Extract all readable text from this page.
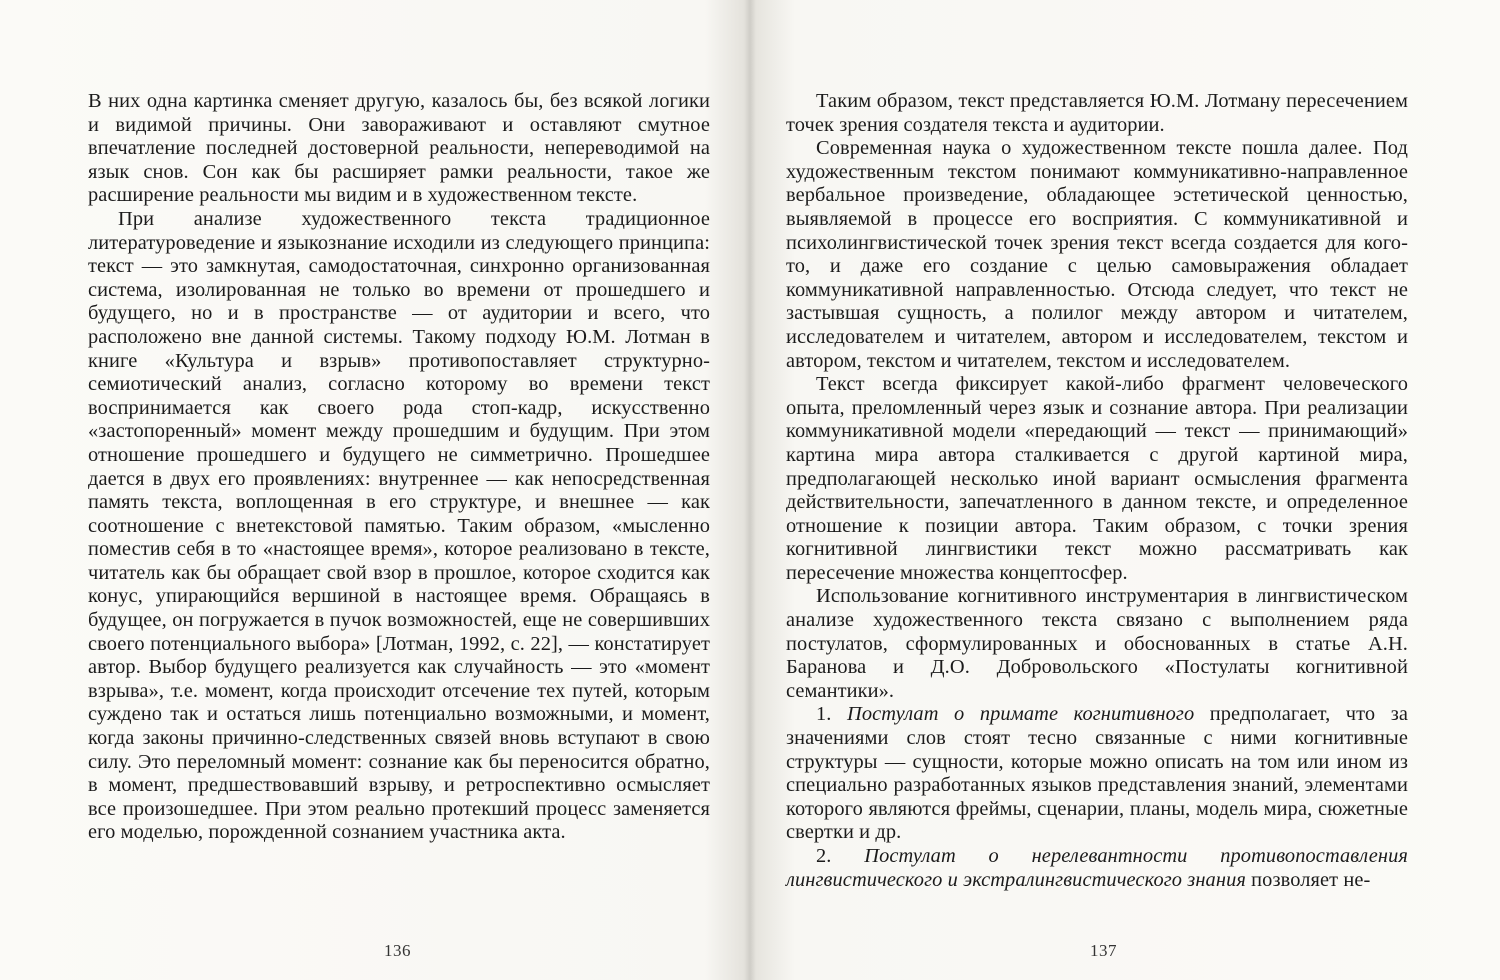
В них одна картинка сменяет другую, казалось бы, без всякой логики и видимой причины. Они завораживают и оставляют смутное впечатление последней достоверной реальности, непереводимой на язык снов. Сон как бы расширяет рамки реальности, такое же расширение реальности мы видим и в художественном тексте.

При анализе художественного текста традиционное литературоведение и языкознание исходили из следующего принципа: текст — это замкнутая, самодостаточная, синхронно организованная система, изолированная не только во времени от прошедшего и будущего, но и в пространстве — от аудитории и всего, что расположено вне данной системы. Такому подходу Ю.М. Лотман в книге «Культура и взрыв» противопоставляет структурно-семиотический анализ, согласно которому во времени текст воспринимается как своего рода стоп-кадр, искусственно «застопоренный» момент между прошедшим и будущим. При этом отношение прошедшего и будущего не симметрично. Прошедшее дается в двух его проявлениях: внутреннее — как непосредственная память текста, воплощенная в его структуре, и внешнее — как соотношение с внетекстовой памятью. Таким образом, «мысленно поместив себя в то «настоящее время», которое реализовано в тексте, читатель как бы обращает свой взор в прошлое, которое сходится как конус, упирающийся вершиной в настоящее время. Обращаясь в будущее, он погружается в пучок возможностей, еще не совершивших своего потенциального выбора» [Лотман, 1992, с. 22], — констатирует автор. Выбор будущего реализуется как случайность — это «момент взрыва», т.е. момент, когда происходит отсечение тех путей, которым суждено так и остаться лишь потенциально возможными, и момент, когда законы причинно-следственных связей вновь вступают в свою силу. Это переломный момент: сознание как бы переносится обратно, в момент, предшествовавший взрыву, и ретроспективно осмысляет все произошедшее. При этом реально протекший процесс заменяется его моделью, порожденной сознанием участника акта.

136

Таким образом, текст представляется Ю.М. Лотману пересечением точек зрения создателя текста и аудитории.

Современная наука о художественном тексте пошла далее. Под художественным текстом понимают коммуникативно-направленное вербальное произведение, обладающее эстетической ценностью, выявляемой в процессе его восприятия. С коммуникативной и психолингвистической точек зрения текст всегда создается для кого-то, и даже его создание с целью самовыражения обладает коммуникативной направленностью. Отсюда следует, что текст не застывшая сущность, а полилог между автором и читателем, исследователем и читателем, автором и исследователем, текстом и автором, текстом и читателем, текстом и исследователем.

Текст всегда фиксирует какой-либо фрагмент человеческого опыта, преломленный через язык и сознание автора. При реализации коммуникативной модели «передающий — текст — принимающий» картина мира автора сталкивается с другой картиной мира, предполагающей несколько иной вариант осмысления фрагмента действительности, запечатленного в данном тексте, и определенное отношение к позиции автора. Таким образом, с точки зрения когнитивной лингвистики текст можно рассматривать как пересечение множества концептосфер.

Использование когнитивного инструментария в лингвистическом анализе художественного текста связано с выполнением ряда постулатов, сформулированных и обоснованных в статье А.Н. Баранова и Д.О. Добровольского «Постулаты когнитивной семантики».

1. Постулат о примате когнитивного предполагает, что за значениями слов стоят тесно связанные с ними когнитивные структуры — сущности, которые можно описать на том или ином из специально разработанных языков представления знаний, элементами которого являются фреймы, сценарии, планы, модель мира, сюжетные свертки и др.

2. Постулат о нерелевантности противопоставления лингвистического и экстралингвистического знания позволяет не-

137
